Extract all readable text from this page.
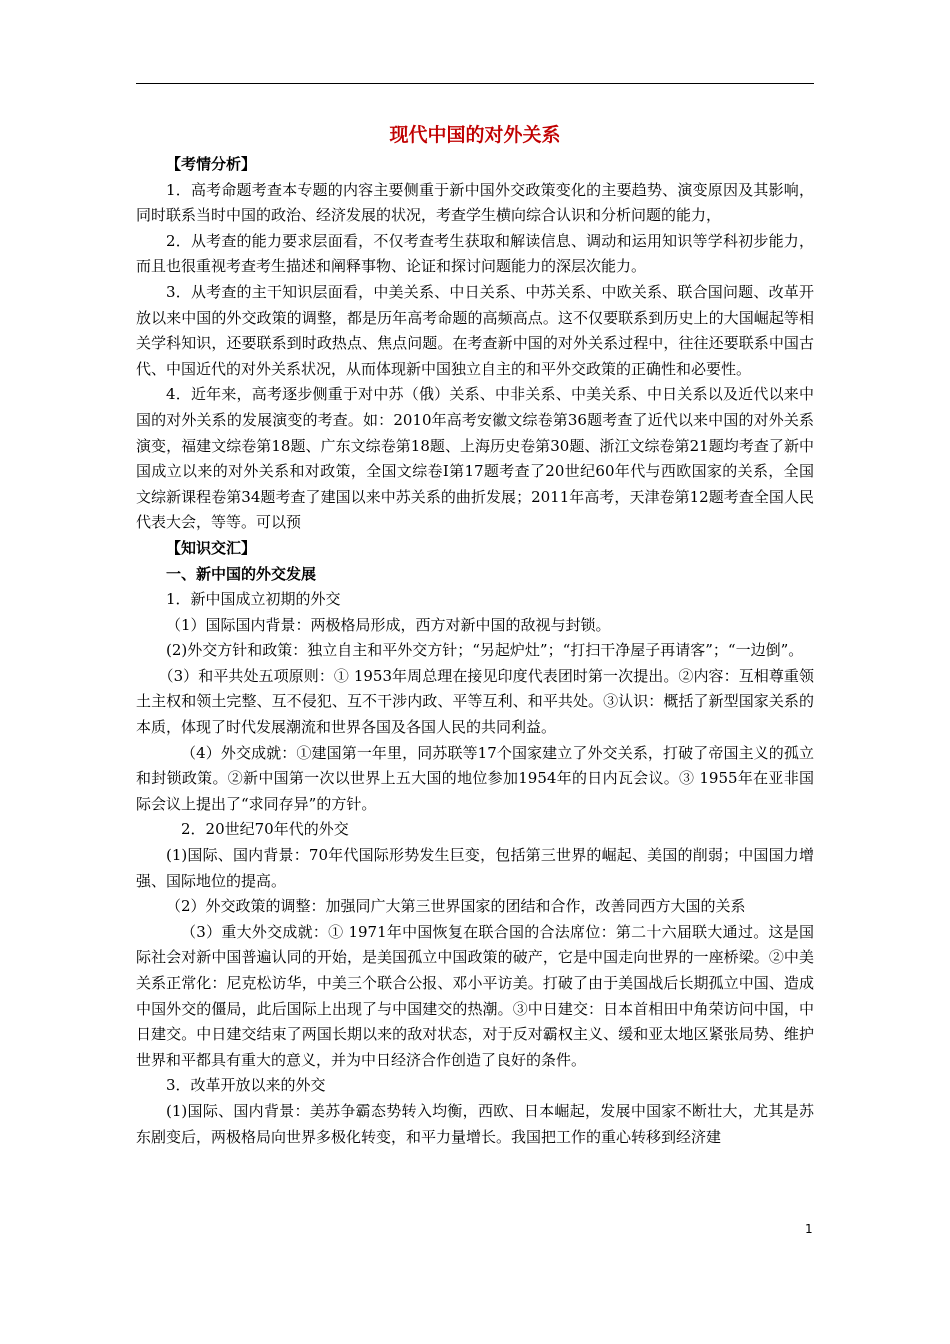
现代中国的对外关系

【考情分析】

1．高考命题考查本专题的内容主要侧重于新中国外交政策变化的主要趋势、演变原因及其影响，同时联系当时中国的政治、经济发展的状况，考查学生横向综合认识和分析问题的能力，

2．从考查的能力要求层面看，不仅考查考生获取和解读信息、调动和运用知识等学科初步能力，而且也很重视考查考生描述和阐释事物、论证和探讨问题能力的深层次能力。

3．从考查的主干知识层面看，中美关系、中日关系、中苏关系、中欧关系、联合国问题、改革开放以来中国的外交政策的调整，都是历年高考命题的高频高点。这不仅要联系到历史上的大国崛起等相关学科知识，还要联系到时政热点、焦点问题。在考查新中国的对外关系过程中，往往还要联系中国古代、中国近代的对外关系状况，从而体现新中国独立自主的和平外交政策的正确性和必要性。

4．近年来，高考逐步侧重于对中苏（俄）关系、中非关系、中美关系、中日关系以及近代以来中国的对外关系的发展演变的考查。如：2010年高考安徽文综卷第36题考查了近代以来中国的对外关系演变，福建文综卷第18题、广东文综卷第18题、上海历史卷第30题、浙江文综卷第21题均考查了新中国成立以来的对外关系和对政策，全国文综卷Ⅰ第17题考查了20世纪60年代与西欧国家的关系，全国文综新课程卷第34题考查了建国以来中苏关系的曲折发展；2011年高考，天津卷第12题考查全国人民代表大会，等等。可以预

【知识交汇】

一、新中国的外交发展

1．新中国成立初期的外交

（1）国际国内背景：两极格局形成，西方对新中国的敌视与封锁。

(2)外交方针和政策：独立自主和平外交方针；“另起炉灶”；“打扫干净屋子再请客”；“一边倒”。

（3）和平共处五项原则：① 1953年周总理在接见印度代表团时第一次提出。②内容：互相尊重领土主权和领土完整、互不侵犯、互不干涉内政、平等互利、和平共处。③认识：概括了新型国家关系的本质，体现了时代发展潮流和世界各国及各国人民的共同利益。

（4）外交成就：①建国第一年里，同苏联等17个国家建立了外交关系，打破了帝国主义的孤立和封锁政策。②新中国第一次以世界上五大国的地位参加1954年的日内瓦会议。③ 1955年在亚非国际会议上提出了“求同存异”的方针。

2．20世纪70年代的外交

(1)国际、国内背景：70年代国际形势发生巨变，包括第三世界的崛起、美国的削弱；中国国力增强、国际地位的提高。

（2）外交政策的调整：加强同广大第三世界国家的团结和合作，改善同西方大国的关系

（3）重大外交成就：① 1971年中国恢复在联合国的合法席位：第二十六届联大通过。这是国际社会对新中国普遍认同的开始，是美国孤立中国政策的破产，它是中国走向世界的一座桥梁。②中美关系正常化：尼克松访华，中美三个联合公报、邓小平访美。打破了由于美国战后长期孤立中国、造成中国外交的僵局，此后国际上出现了与中国建交的热潮。③中日建交：日本首相田中角荣访问中国，中日建交。中日建交结束了两国长期以来的敌对状态，对于反对霸权主义、缓和亚太地区紧张局势、维护世界和平都具有重大的意义，并为中日经济合作创造了良好的条件。

3．改革开放以来的外交

(1)国际、国内背景：美苏争霸态势转入均衡，西欧、日本崛起，发展中国家不断壮大，尤其是苏东剧变后，两极格局向世界多极化转变，和平力量增长。我国把工作的重心转移到经济建

1
